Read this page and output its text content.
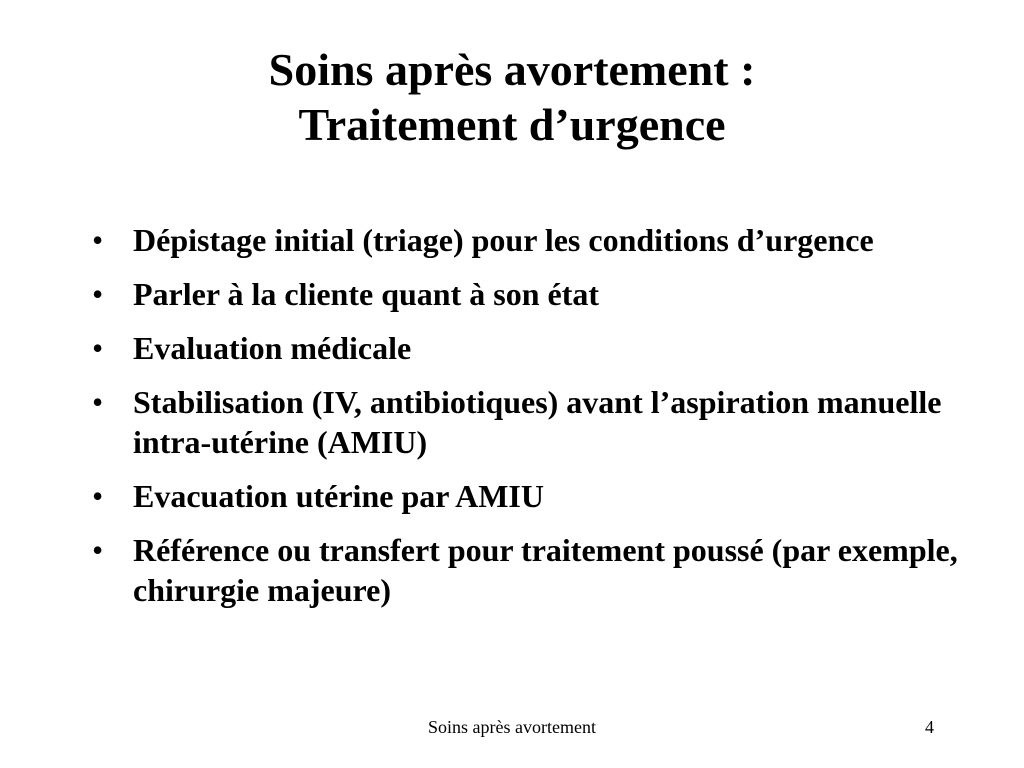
Soins après avortement :
Traitement d’urgence
• Dépistage initial (triage) pour les conditions d’urgence
• Parler à la cliente quant à son état
• Evaluation médicale
• Stabilisation (IV, antibiotiques) avant l’aspiration manuelle intra-utérine (AMIU)
• Evacuation utérine par AMIU
• Référence ou transfert pour traitement poussé (par exemple, chirurgie majeure)
Soins après avortement	4
